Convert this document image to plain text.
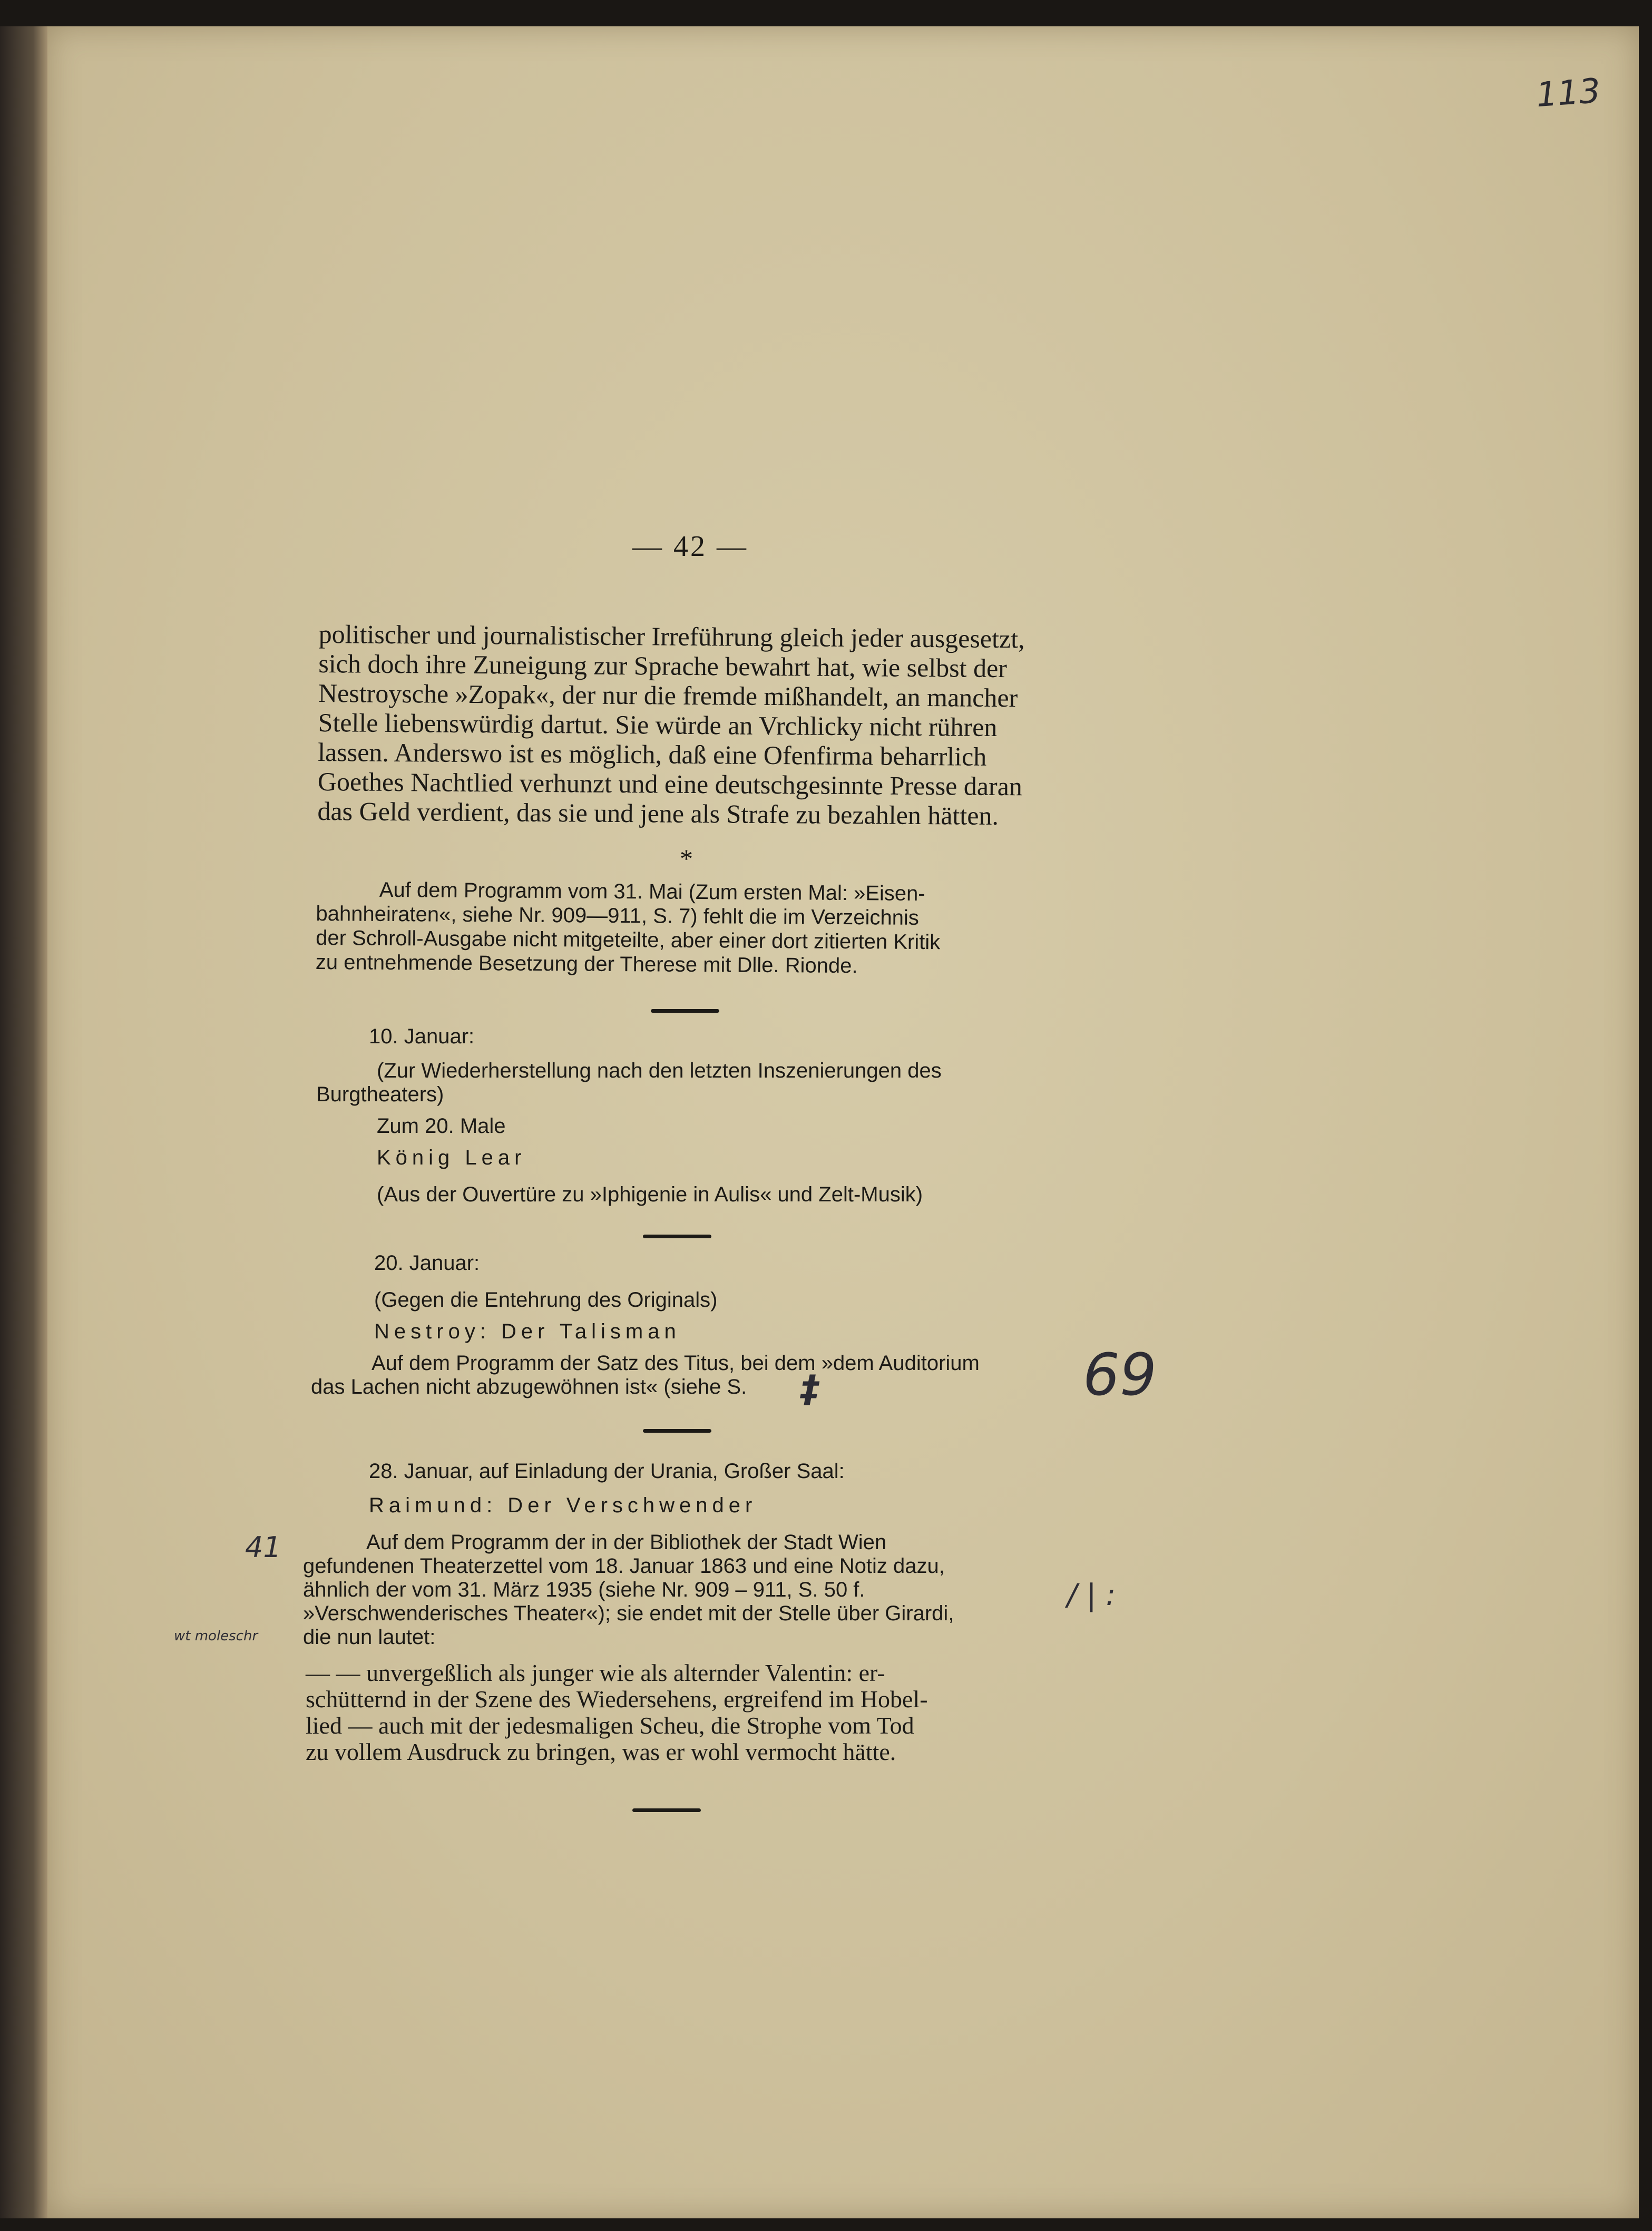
113
— 42 —
politischer und journalistischer Irreführung gleich jeder ausgesetzt,
sich doch ihre Zuneigung zur Sprache bewahrt hat, wie selbst der
Nestroysche »Zopak«, der nur die fremde mißhandelt, an mancher
Stelle liebenswürdig dartut. Sie würde an Vrchlicky nicht rühren
lassen. Anderswo ist es möglich, daß eine Ofenfirma beharrlich
Goethes Nachtlied verhunzt und eine deutschgesinnte Presse daran
das Geld verdient, das sie und jene als Strafe zu bezahlen hätten.
*
Auf dem Programm vom 31. Mai (Zum ersten Mal: »Eisen-
bahnheiraten«, siehe Nr. 909—911, S. 7) fehlt die im Verzeichnis
der Schroll-Ausgabe nicht mitgeteilte, aber einer dort zitierten Kritik
zu entnehmende Besetzung der Therese mit Dlle. Rionde.
10. Januar:
(Zur Wiederherstellung nach den letzten Inszenierungen des
Burgtheaters)
Zum 20. Male
König Lear
(Aus der Ouvertüre zu »Iphigenie in Aulis« und Zelt-Musik)
20. Januar:
(Gegen die Entehrung des Originals)
Nestroy: Der Talisman
Auf dem Programm der Satz des Titus, bei dem »dem Auditorium
das Lachen nicht abzugewöhnen ist« (siehe S. ‡	69
28. Januar, auf Einladung der Urania, Großer Saal:
Raimund: Der Verschwender
Auf dem Programm der in der Bibliothek der Stadt Wien
gefundenen Theaterzettel vom 18. Januar 1863 und eine Notiz dazu,
ähnlich der vom 31. März 1935 (siehe Nr. 909 – 911, S. 50 f.
»Verschwenderisches Theater«); sie endet mit der Stelle über Girardi,
die nun lautet:
41
wt moleschr
/ | :
— — unvergeßlich als junger wie als alternder Valentin: er-
schütternd in der Szene des Wiedersehens, ergreifend im Hobel-
lied — auch mit der jedesmaligen Scheu, die Strophe vom Tod
zu vollem Ausdruck zu bringen, was er wohl vermocht hätte.
